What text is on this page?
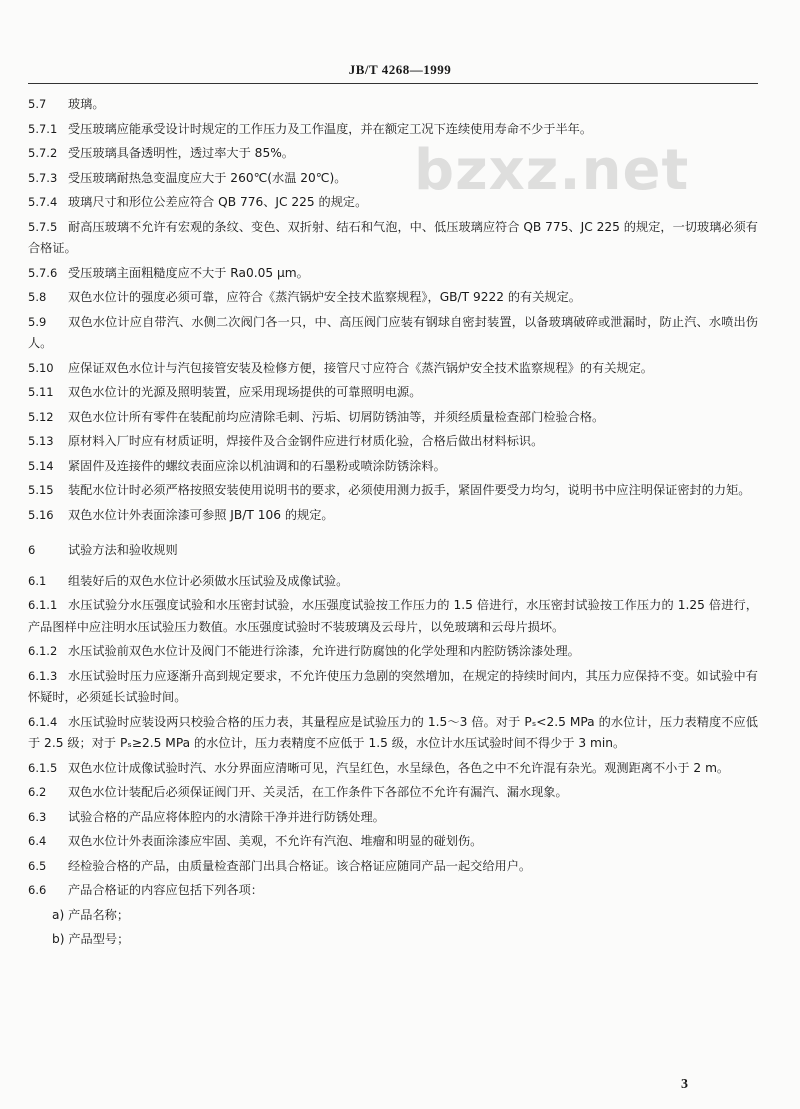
JB/T 4268—1999
bzxz.net
5.7 玻璃。
5.7.1 受压玻璃应能承受设计时规定的工作压力及工作温度，并在额定工况下连续使用寿命不少于半年。
5.7.2 受压玻璃具备透明性，透过率大于 85%。
5.7.3 受压玻璃耐热急变温度应大于 260℃(水温 20℃)。
5.7.4 玻璃尺寸和形位公差应符合 QB 776、JC 225 的规定。
5.7.5 耐高压玻璃不允许有宏观的条纹、变色、双折射、结石和气泡，中、低压玻璃应符合 QB 775、JC 225 的规定，一切玻璃必须有合格证。
5.7.6 受压玻璃主面粗糙度应不大于 Ra0.05 μm。
5.8 双色水位计的强度必须可靠，应符合《蒸汽锅炉安全技术监察规程》，GB/T 9222 的有关规定。
5.9 双色水位计应自带汽、水侧二次阀门各一只，中、高压阀门应装有钢球自密封装置，以备玻璃破碎或泄漏时，防止汽、水喷出伤人。
5.10 应保证双色水位计与汽包接管安装及检修方便，接管尺寸应符合《蒸汽锅炉安全技术监察规程》的有关规定。
5.11 双色水位计的光源及照明装置，应采用现场提供的可靠照明电源。
5.12 双色水位计所有零件在装配前均应清除毛刺、污垢、切屑防锈油等，并须经质量检查部门检验合格。
5.13 原材料入厂时应有材质证明，焊接件及合金钢件应进行材质化验，合格后做出材料标识。
5.14 紧固件及连接件的螺纹表面应涂以机油调和的石墨粉或喷涂防锈涂料。
5.15 装配水位计时必须严格按照安装使用说明书的要求，必须使用测力扳手，紧固件要受力均匀，说明书中应注明保证密封的力矩。
5.16 双色水位计外表面涂漆可参照 JB/T 106 的规定。
6	试验方法和验收规则
6.1 组装好后的双色水位计必须做水压试验及成像试验。
6.1.1 水压试验分水压强度试验和水压密封试验，水压强度试验按工作压力的 1.5 倍进行，水压密封试验按工作压力的 1.25 倍进行，产品图样中应注明水压试验压力数值。水压强度试验时不装玻璃及云母片，以免玻璃和云母片损坏。
6.1.2 水压试验前双色水位计及阀门不能进行涂漆，允许进行防腐蚀的化学处理和内腔防锈涂漆处理。
6.1.3 水压试验时压力应逐渐升高到规定要求，不允许使压力急剧的突然增加，在规定的持续时间内，其压力应保持不变。如试验中有怀疑时，必须延长试验时间。
6.1.4 水压试验时应装设两只校验合格的压力表，其量程应是试验压力的 1.5～3 倍。对于 Pₛ<2.5 MPa 的水位计，压力表精度不应低于 2.5 级；对于 Pₛ≥2.5 MPa 的水位计，压力表精度不应低于 1.5 级，水位计水压试验时间不得少于 3 min。
6.1.5 双色水位计成像试验时汽、水分界面应清晰可见，汽呈红色，水呈绿色，各色之中不允许混有杂光。观测距离不小于 2 m。
6.2 双色水位计装配后必须保证阀门开、关灵活，在工作条件下各部位不允许有漏汽、漏水现象。
6.3 试验合格的产品应将体腔内的水清除干净并进行防锈处理。
6.4 双色水位计外表面涂漆应牢固、美观，不允许有汽泡、堆瘤和明显的碰划伤。
6.5 经检验合格的产品，由质量检查部门出具合格证。该合格证应随同产品一起交给用户。
6.6 产品合格证的内容应包括下列各项：
a) 产品名称；
b) 产品型号；
3
